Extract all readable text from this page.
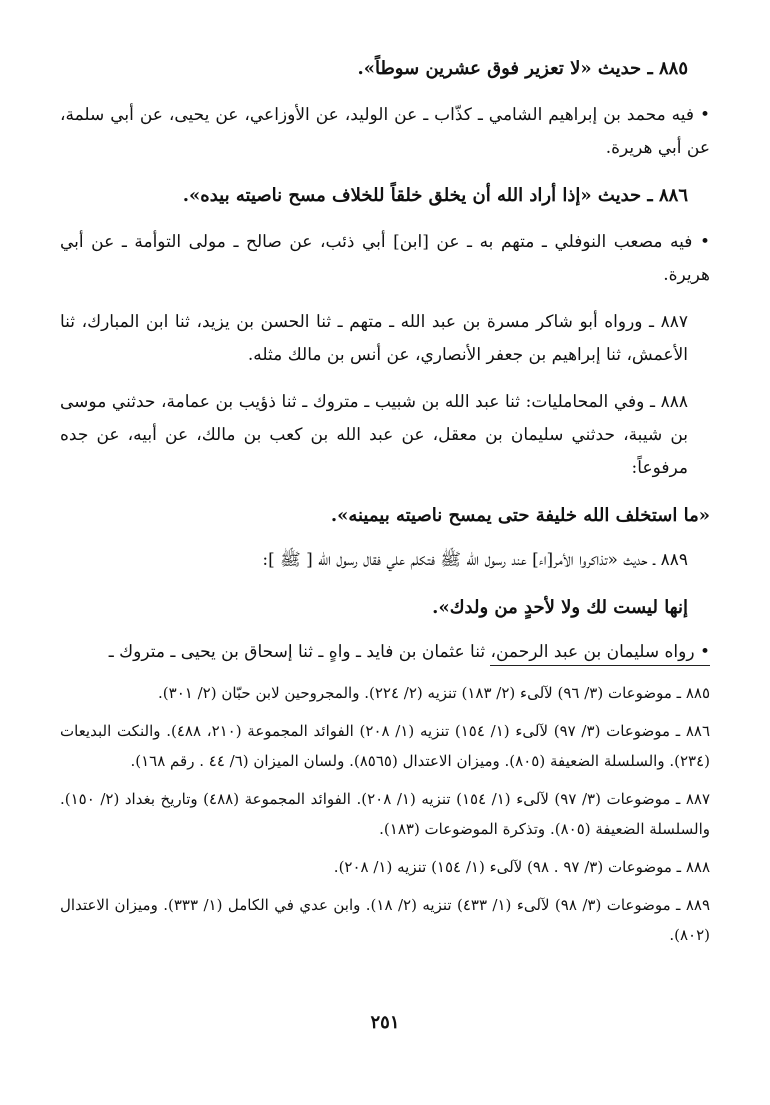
٨٨٥ ـ حديث «لا تعزير فوق عشرين سوطاً».

• فيه محمد بن إبراهيم الشامي ـ كذّاب ـ عن الوليد، عن الأوزاعي، عن يحيى، عن أبي سلمة، عن أبي هريرة.

٨٨٦ ـ حديث «إذا أراد الله أن يخلق خلقاً للخلاف مسح ناصيته بيده».

• فيه مصعب النوفلي ـ متهم به ـ عن [ابن] أبي ذئب، عن صالح ـ مولى التوأمة ـ عن أبي هريرة.

٨٨٧ ـ ورواه أبو شاكر مسرة بن عبد الله ـ متهم ـ ثنا الحسن بن يزيد، ثنا ابن المبارك، ثنا الأعمش، ثنا إبراهيم بن جعفر الأنصاري، عن أنس بن مالك مثله.

٨٨٨ ـ وفي المحامليات: ثنا عبد الله بن شبيب ـ متروك ـ ثنا ذؤيب بن عمامة، حدثني موسى بن شيبة، حدثني سليمان بن معقل، عن عبد الله بن كعب بن مالك، عن أبيه، عن جده مرفوعاً:

«ما استخلف الله خليفة حتى يمسح ناصيته بيمينه».

٨٨٩ ـ حديث «تذاكروا الأمر[اء] عند رسول الله ﷺ فتكلم علي فقال رسول الله [ ﷺ ]:

إنها ليست لك ولا لأحدٍ من ولدك».

• رواه سليمان بن عبد الرحمن، ثنا عثمان بن فايد ـ واهٍ ـ ثنا إسحاق بن يحيى ـ متروك ـ

٨٨٥ ـ موضوعات (٣/ ٩٦) لآلىء (٢/ ١٨٣) تنزيه (٢/ ٢٢٤). والمجروحين لابن حبّان (٢/ ٣٠١).

٨٨٦ ـ موضوعات (٣/ ٩٧) لآلىء (١/ ١٥٤) تنزيه (١/ ٢٠٨) الفوائد المجموعة (٢١٠، ٤٨٨). والنكت البديعات (٢٣٤). والسلسلة الضعيفة (٨٠٥). وميزان الاعتدال (٨٥٦٥). ولسان الميزان (٦/ ٤٤ . رقم ١٦٨).

٨٨٧ ـ موضوعات (٣/ ٩٧) لآلىء (١/ ١٥٤) تنزيه (١/ ٢٠٨). الفوائد المجموعة (٤٨٨) وتاريخ بغداد (٢/ ١٥٠). والسلسلة الضعيفة (٨٠٥). وتذكرة الموضوعات (١٨٣).

٨٨٨ ـ موضوعات (٣/ ٩٧ . ٩٨) لآلىء (١/ ١٥٤) تنزيه (١/ ٢٠٨).

٨٨٩ ـ موضوعات (٣/ ٩٨) لآلىء (١/ ٤٣٣) تنزيه (٢/ ١٨). وابن عدي في الكامل (١/ ٣٣٣). وميزان الاعتدال (٨٠٢).

٢٥١
